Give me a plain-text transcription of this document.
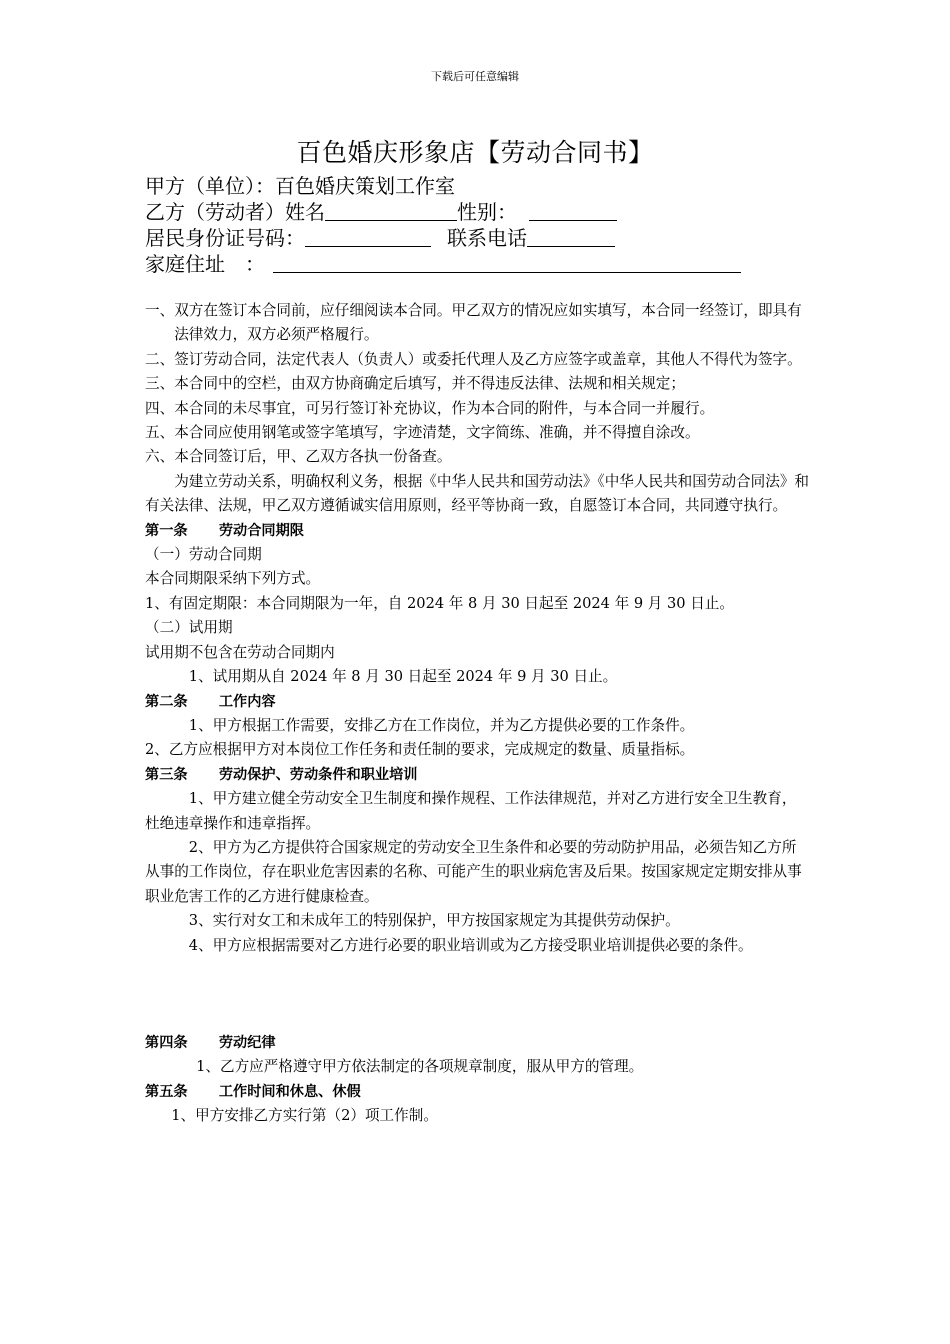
下载后可任意编辑
百色婚庆形象店【劳动合同书】
甲方（单位）：百色婚庆策划工作室
乙方（劳动者）姓名	性别：
居民身份证号码：	联系电话
家庭住址　：

一、双方在签订本合同前，应仔细阅读本合同。甲乙双方的情况应如实填写，本合同一经签订，即具有法律效力，双方必须严格履行。

二、签订劳动合同，法定代表人（负责人）或委托代理人及乙方应签字或盖章，其他人不得代为签字。

三、本合同中的空栏，由双方协商确定后填写，并不得违反法律、法规和相关规定；

四、本合同的未尽事宜，可另行签订补充协议，作为本合同的附件，与本合同一并履行。

五、本合同应使用钢笔或签字笔填写，字迹清楚，文字简练、准确，并不得擅自涂改。

六、本合同签订后，甲、乙双方各执一份备查。

为建立劳动关系，明确权利义务，根据《中华人民共和国劳动法》《中华人民共和国劳动合同法》和有关法律、法规，甲乙双方遵循诚实信用原则，经平等协商一致，自愿签订本合同，共同遵守执行。

第一条 劳动合同期限

（一）劳动合同期

本合同期限采纳下列方式。

1、有固定期限：本合同期限为一年，自 2024 年 8 月 30 日起至 2024 年 9 月 30 日止。

（二）试用期

试用期不包含在劳动合同期内

1、试用期从自 2024 年 8 月 30 日起至 2024 年 9 月 30 日止。

第二条 工作内容

1、甲方根据工作需要，安排乙方在工作岗位，并为乙方提供必要的工作条件。

2、乙方应根据甲方对本岗位工作任务和责任制的要求，完成规定的数量、质量指标。

第三条 劳动保护、劳动条件和职业培训

1、甲方建立健全劳动安全卫生制度和操作规程、工作法律规范，并对乙方进行安全卫生教育，杜绝违章操作和违章指挥。

2、甲方为乙方提供符合国家规定的劳动安全卫生条件和必要的劳动防护用品，必须告知乙方所从事的工作岗位，存在职业危害因素的名称、可能产生的职业病危害及后果。按国家规定定期安排从事职业危害工作的乙方进行健康检查。

3、实行对女工和未成年工的特别保护，甲方按国家规定为其提供劳动保护。

4、甲方应根据需要对乙方进行必要的职业培训或为乙方接受职业培训提供必要的条件。

第四条 劳动纪律

1、乙方应严格遵守甲方依法制定的各项规章制度，服从甲方的管理。

第五条 工作时间和休息、休假

1、甲方安排乙方实行第（2）项工作制。
